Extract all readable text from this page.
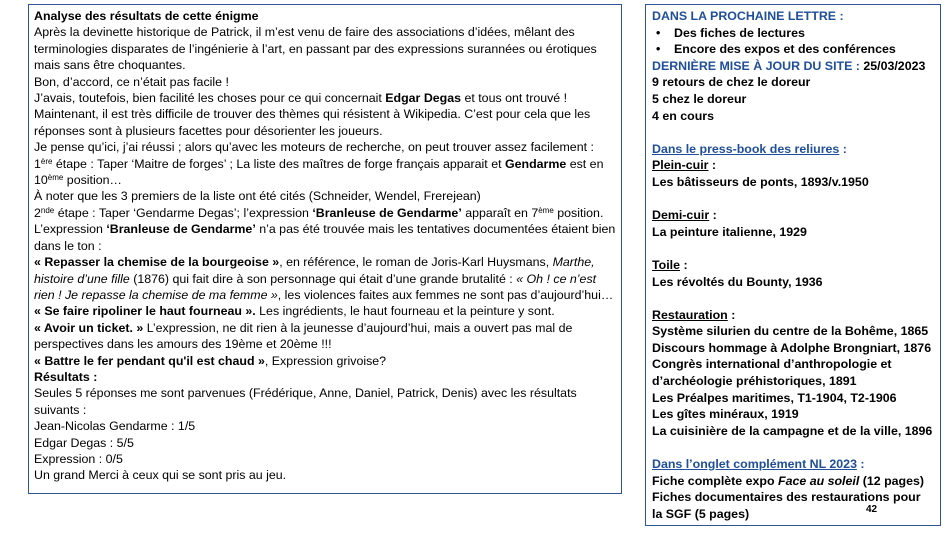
Analyse des résultats de cette énigme

Après la devinette historique de Patrick, il m’est venu de faire des associations d’idées, mêlant des terminologies disparates de l’ingénierie à l’art, en passant par des expressions surannées ou érotiques mais sans être choquantes.

Bon, d’accord, ce n’était pas facile !

J’avais, toutefois, bien facilité les choses pour ce qui concernait Edgar Degas et tous ont trouvé !

Maintenant, il est très difficile de trouver des thèmes qui résistent à Wikipedia. C’est pour cela que les réponses sont à plusieurs facettes pour désorienter les joueurs.

Je pense qu’ici, j’ai réussi ; alors qu’avec les moteurs de recherche, on peut trouver assez facilement :

1ère étape : Taper ‘Maitre de forges’ ; La liste des maîtres de forge français apparait et Gendarme est en 10ème position…

À noter que les 3 premiers de la liste ont été cités (Schneider, Wendel, Frerejean)

2nde étape : Taper ‘Gendarme Degas’; l’expression ‘Branleuse de Gendarme’ apparaît en 7ème position.

L’expression ‘Branleuse de Gendarme’ n’a pas été trouvée mais les tentatives documentées étaient bien dans le ton :

« Repasser la chemise de la bourgeoise », en référence, le roman de Joris-Karl Huysmans, Marthe, histoire d’une fille (1876) qui fait dire à son personnage qui était d’une grande brutalité : « Oh ! ce n’est rien ! Je repasse la chemise de ma femme », les violences faites aux femmes ne sont pas d’aujourd’hui…

« Se faire ripoliner le haut fourneau ». Les ingrédients, le haut fourneau et la peinture y sont.

« Avoir un ticket. » L’expression, ne dit rien à la jeunesse d’aujourd’hui, mais a ouvert pas mal de perspectives dans les amours des 19ème et 20ème !!!

« Battre le fer pendant qu'il est chaud », Expression grivoise?

Résultats :

Seules 5 réponses me sont parvenues (Frédérique, Anne, Daniel, Patrick, Denis) avec les résultats suivants :

Jean-Nicolas Gendarme : 1/5

Edgar Degas : 5/5

Expression : 0/5

Un grand Merci à ceux qui se sont pris au jeu.

DANS LA PROCHAINE LETTRE :

• Des fiches de lectures
• Encore des expos et des conférences

DERNIÈRE MISE À JOUR DU SITE : 25/03/2023

9 retours de chez le doreur

5 chez le doreur

4 en cours

Dans le press-book des reliures :

Plein-cuir :

Les bâtisseurs de ponts, 1893/v.1950

Demi-cuir :

La peinture italienne, 1929

Toile :

Les révoltés du Bounty, 1936

Restauration :

Système silurien du centre de la Bohême, 1865

Discours hommage à Adolphe Brongniart, 1876

Congrès international d’anthropologie et d’archéologie préhistoriques, 1891

Les Préalpes maritimes, T1-1904, T2-1906

Les gîtes minéraux, 1919

La cuisinière de la campagne et de la ville, 1896

Dans l’onglet complément NL 2023 :

Fiche complète expo Face au soleil (12 pages)

Fiches documentaires des restaurations pour la SGF (5 pages)	42
